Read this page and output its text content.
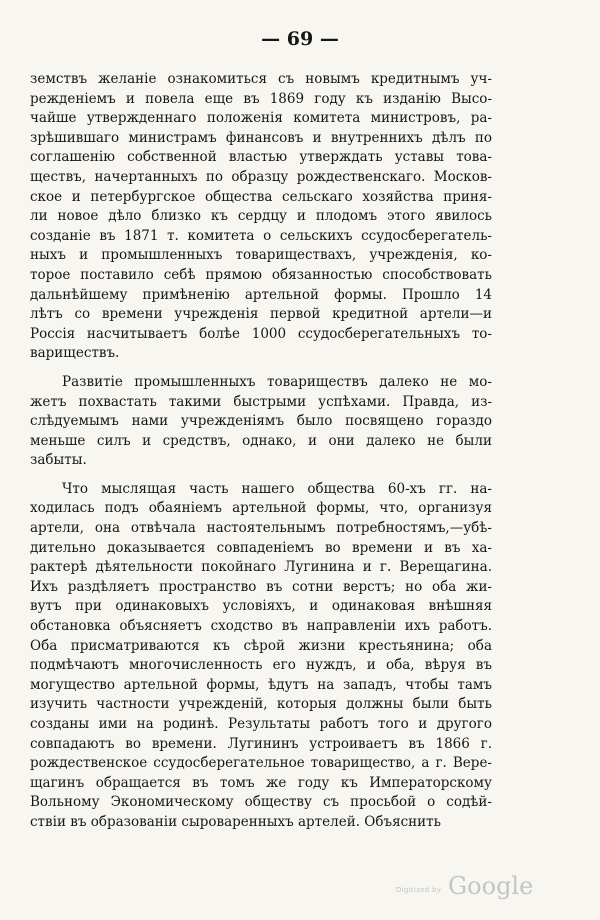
— 69 —
земствъ желаніе ознакомиться съ новымъ кредитнымъ уч-
режденіемъ и повела еще въ 1869 году къ изданію Высо-
чайше утвержденнаго положенія комитета министровъ, ра-
зрѣшившаго министрамъ финансовъ и внутреннихъ дѣлъ по
соглашенію собственной властью утверждать уставы това-
ществъ, начертанныхъ по образцу рождественскаго. Москов-
ское и петербургское общества сельскаго хозяйства приня-
ли новое дѣло близко къ сердцу и плодомъ этого явилось
созданіе въ 1871 т. комитета о сельскихъ ссудосберегатель-
ныхъ и промышленныхъ товариществахъ, учрежденія, ко-
торое поставило себѣ прямою обязанностью способствовать
дальнѣйшему примѣненію артельной формы. Прошло 14
лѣтъ со времени учрежденія первой кредитной артели—и
Россія насчитываетъ болѣе 1000 ссудосберегательныхъ то-
вариществъ.
Развитіе промышленныхъ товариществъ далеко не мо-
жетъ похвастать такими быстрыми успѣхами. Правда, из-
слѣдуемымъ нами учрежденіямъ было посвящено гораздо
меньше силъ и средствъ, однако, и они далеко не были
забыты.
Что мыслящая часть нашего общества 60-хъ гг. на-
ходилась подъ обаяніемъ артельной формы, что, организуя
артели, она отвѣчала настоятельнымъ потребностямъ,—убѣ-
дительно доказывается совпаденіемъ во времени и въ ха-
рактерѣ дѣятельности покойнаго Лугинина и г. Верещагина.
Ихъ раздѣляетъ пространство въ сотни верстъ; но оба жи-
вутъ при одинаковыхъ условіяхъ, и одинаковая внѣшняя
обстановка объясняетъ сходство въ направленіи ихъ работъ.
Оба присматриваются къ сѣрой жизни крестьянина; оба
подмѣчаютъ многочисленность его нуждъ, и оба, вѣруя въ
могущество артельной формы, ѣдутъ на западъ, чтобы тамъ
изучить частности учрежденій, которыя должны были быть
созданы ими на родинѣ. Результаты работъ того и другого
совпадаютъ во времени. Лугининъ устроиваетъ въ 1866 г.
рождественское ссудосберегательное товарищество, а г. Вере-
щагинъ обращается въ томъ же году къ Императорскому
Вольному Экономическому обществу съ просьбой о содѣй-
ствіи въ образованіи сыроваренныхъ артелей. Объяснить
Digitized by Google
